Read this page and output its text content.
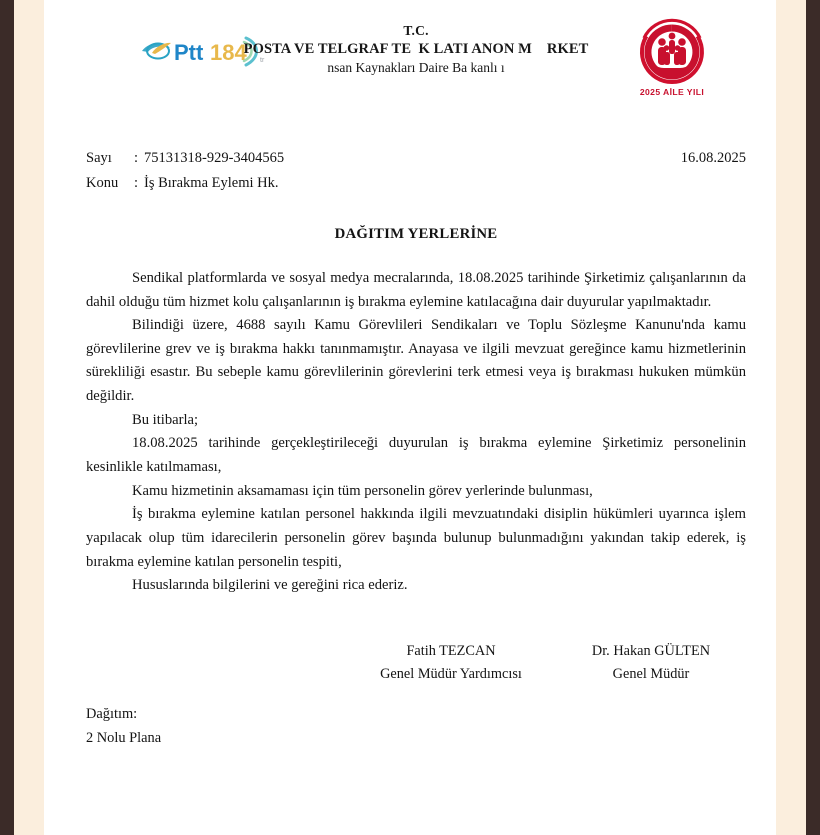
Ptt 184 tr
T.C.
POSTA VE TELGRAF TE  K LATI ANON M    RKET
nsan Kaynakları Daire Ba kanlı ı
2025 AİLE YILI
Sayı	: 75131318-929-3404565
Konu	: İş Bırakma Eylemi Hk.
16.08.2025
DAĞITIM YERLERİNE

Sendikal platformlarda ve sosyal medya mecralarında, 18.08.2025 tarihinde Şirketimiz çalışanlarının da dahil olduğu tüm hizmet kolu çalışanlarının iş bırakma eylemine katılacağına dair duyurular yapılmaktadır.

Bilindiği üzere, 4688 sayılı Kamu Görevlileri Sendikaları ve Toplu Sözleşme Kanunu'nda kamu görevlilerine grev ve iş bırakma hakkı tanınmamıştır. Anayasa ve ilgili mevzuat gereğince kamu hizmetlerinin sürekliliği esastır. Bu sebeple kamu görevlilerinin görevlerini terk etmesi veya iş bırakması hukuken mümkün değildir.

Bu itibarla;

18.08.2025 tarihinde gerçekleştirileceği duyurulan iş bırakma eylemine Şirketimiz personelinin kesinlikle katılmaması,

Kamu hizmetinin aksamaması için tüm personelin görev yerlerinde bulunması,

İş bırakma eylemine katılan personel hakkında ilgili mevzuatındaki disiplin hükümleri uyarınca işlem yapılacak olup tüm idarecilerin personelin görev başında bulunup bulunmadığını yakından takip ederek, iş bırakma eylemine katılan personelin tespiti,

Hususlarında bilgilerini ve gereğini rica ederiz.

Fatih TEZCAN
Genel Müdür Yardımcısı
Dr. Hakan GÜLTEN
Genel Müdür
Dağıtım:
2 Nolu Plana
